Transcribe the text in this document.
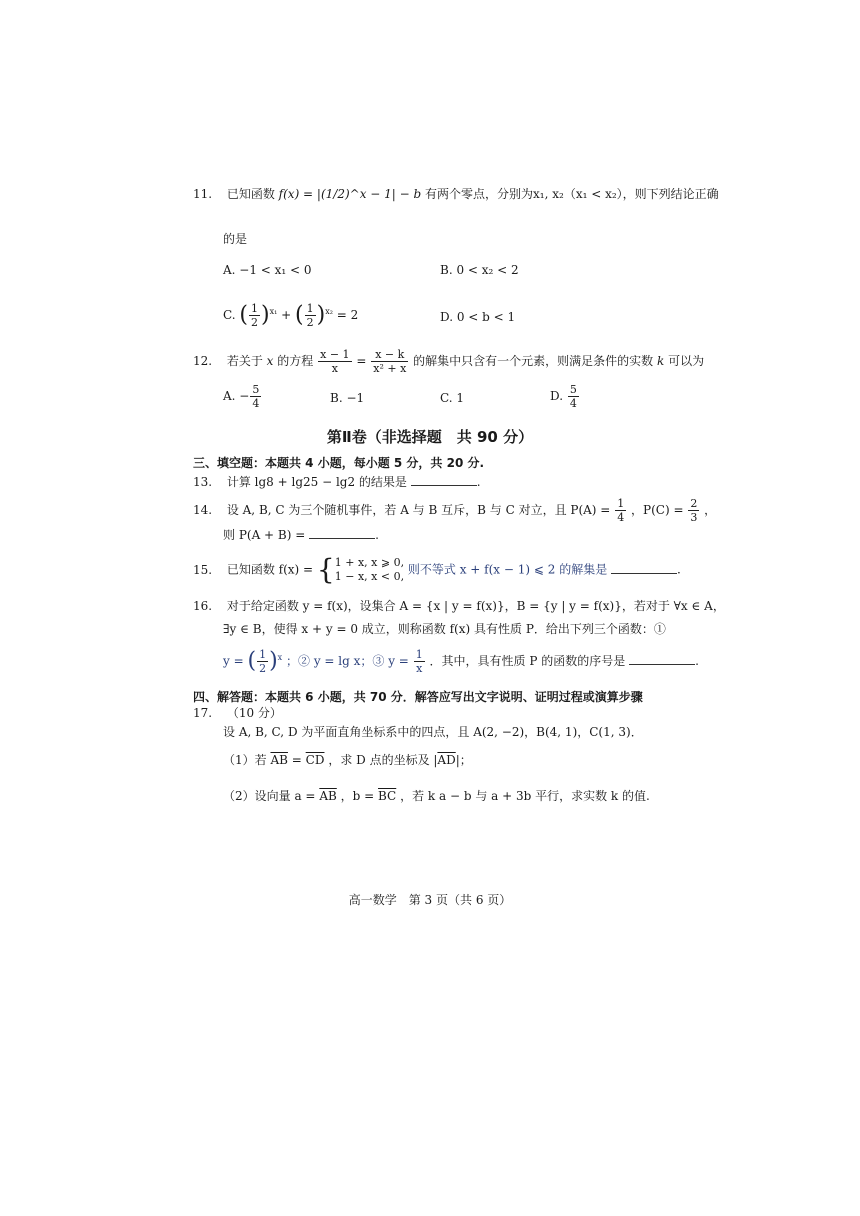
11. 已知函数 f(x) = |(1/2)^x − 1| − b 有两个零点，分别为x₁, x₂（x₁ < x₂），则下列结论正确
的是
A. −1 < x₁ < 0	B. 0 < x₂ < 2
C. ( $\frac{1}{2} )^{x_1}$ + ( $\frac{1}{2} )^{x_2} = 2$	D. 0 < b < 1
12. 若关于 x 的方程 $\frac{x - 1}{x} = \frac{x - k}{\text{x² + x}}$ 的解集中只含有一个元素，则满足条件的实数 k 可以为
A. − $\frac{5}{4}$	B. −1	C. 1	D. $\frac{5}{4}$
第Ⅱ卷（非选择题　共 90 分）
三、填空题：本题共 4 小题，每小题 5 分，共 20 分.
13. 计算 lg8 + lg25 − lg2 的结果是	.
14. 设 A, B, C 为三个随机事件，若 A 与 B 互斥，B 与 C 对立，且 $P(A) = \frac{1}{4}$ ，$P(C) = \frac{2}{3}$ ，
则 P(A + B) =	.
15. 已知函数 f(x) = {1 + x, x ⩾ 0,
1 − x, x < 0, 则不等式 x + f(x − 1) ⩽ 2 的解集是	.
16. 对于给定函数 y = f(x)，设集合 A = {x | y = f(x)}，B = {y | y = f(x)}，若对于 ∀x ∈ A，
∃y ∈ B，使得 x + y = 0 成立，则称函数 f(x) 具有性质 P．给出下列三个函数：①
y = ( $\frac{1}{2} )^x$ ；② y = lg x；③ $y = \frac{1}{x}$ ．其中，具有性质 P 的函数的序号是	.
四、解答题：本题共 6 小题，共 70 分．解答应写出文字说明、证明过程或演算步骤
17. （10 分）
设 A, B, C, D 为平面直角坐标系中的四点，且 A(2, −2)，B(4, 1)，C(1, 3)．
（1）若 $\overline{AB} = \overline{CD}$ ，求 D 点的坐标及 $|\overline{AD}|$；
（2）设向量 $a = \overline{AB}$ ，$b = \overline{BC}$ ，若 k a − b 与 a + 3b 平行，求实数 k 的值.
高一数学　第 3 页（共 6 页）
